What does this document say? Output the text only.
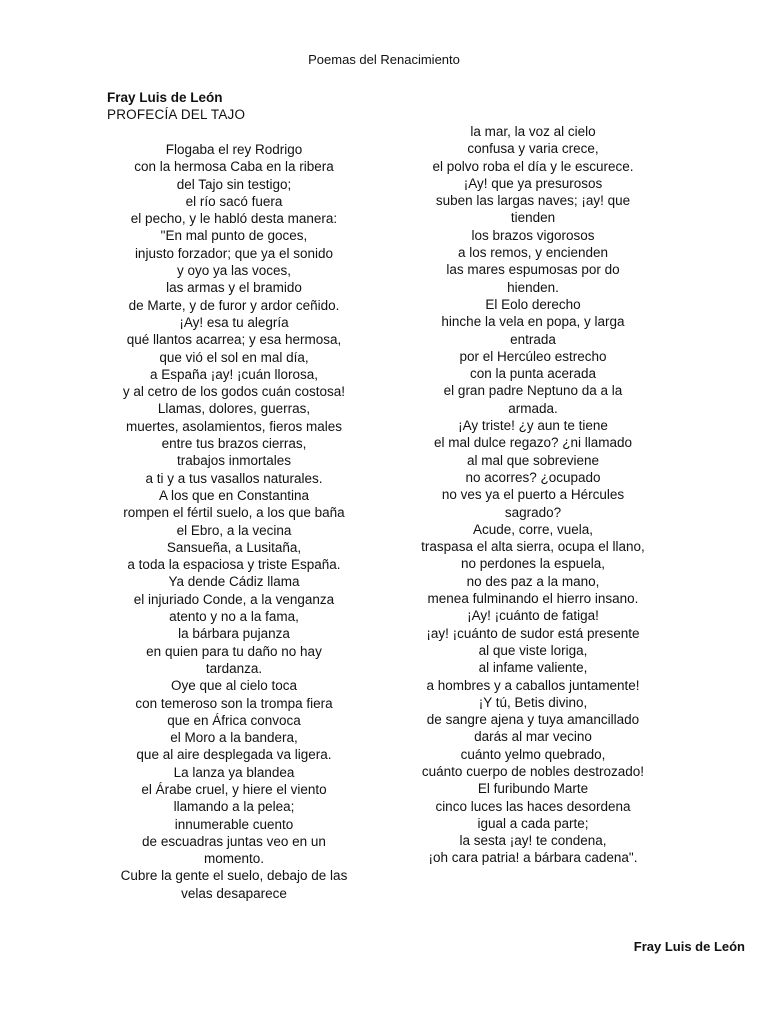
Poemas del Renacimiento
Fray Luis de León
PROFECÍA DEL TAJO
Flogaba el rey Rodrigo
con la hermosa Caba en la ribera
del Tajo sin testigo;
el río sacó fuera
el pecho, y le habló desta manera:
"En mal punto de goces,
injusto forzador; que ya el sonido
y oyo ya las voces,
las armas y el bramido
de Marte, y de furor y ardor ceñido.
¡Ay! esa tu alegría
qué llantos acarrea; y esa hermosa,
que vió el sol en mal día,
a España ¡ay! ¡cuán llorosa,
y al cetro de los godos cuán costosa!
Llamas, dolores, guerras,
muertes, asolamientos, fieros males
entre tus brazos cierras,
trabajos inmortales
a ti y a tus vasallos naturales.
A los que en Constantina
rompen el fértil suelo, a los que baña
el Ebro, a la vecina
Sansueña, a Lusitaña,
a toda la espaciosa y triste España.
Ya dende Cádiz llama
el injuriado Conde, a la venganza
atento y no a la fama,
la bárbara pujanza
en quien para tu daño no hay
tardanza.
Oye que al cielo toca
con temeroso son la trompa fiera
que en África convoca
el Moro a la bandera,
que al aire desplegada va ligera.
La lanza ya blandea
el Árabe cruel, y hiere el viento
llamando a la pelea;
innumerable cuento
de escuadras juntas veo en un
momento.
Cubre la gente el suelo, debajo de las
velas desaparece
la mar, la voz al cielo
confusa y varia crece,
el polvo roba el día y le escurece.
¡Ay! que ya presurosos
suben las largas naves; ¡ay! que
tienden
los brazos vigorosos
a los remos, y encienden
las mares espumosas por do
hienden.
El Eolo derecho
hinche la vela en popa, y larga
entrada
por el Hercúleo estrecho
con la punta acerada
el gran padre Neptuno da a la
armada.
¡Ay triste! ¿y aun te tiene
el mal dulce regazo? ¿ni llamado
al mal que sobreviene
no acorres? ¿ocupado
no ves ya el puerto a Hércules
sagrado?
Acude, corre, vuela,
traspasa el alta sierra, ocupa el llano,
no perdones la espuela,
no des paz a la mano,
menea fulminando el hierro insano.
¡Ay! ¡cuánto de fatiga!
¡ay! ¡cuánto de sudor está presente
al que viste loriga,
al infame valiente,
a hombres y a caballos juntamente!
¡Y tú, Betis divino,
de sangre ajena y tuya amancillado
darás al mar vecino
cuánto yelmo quebrado,
cuánto cuerpo de nobles destrozado!
El furibundo Marte
cinco luces las haces desordena
igual a cada parte;
la sesta ¡ay! te condena,
¡oh cara patria! a bárbara cadena".
Fray Luis de León
